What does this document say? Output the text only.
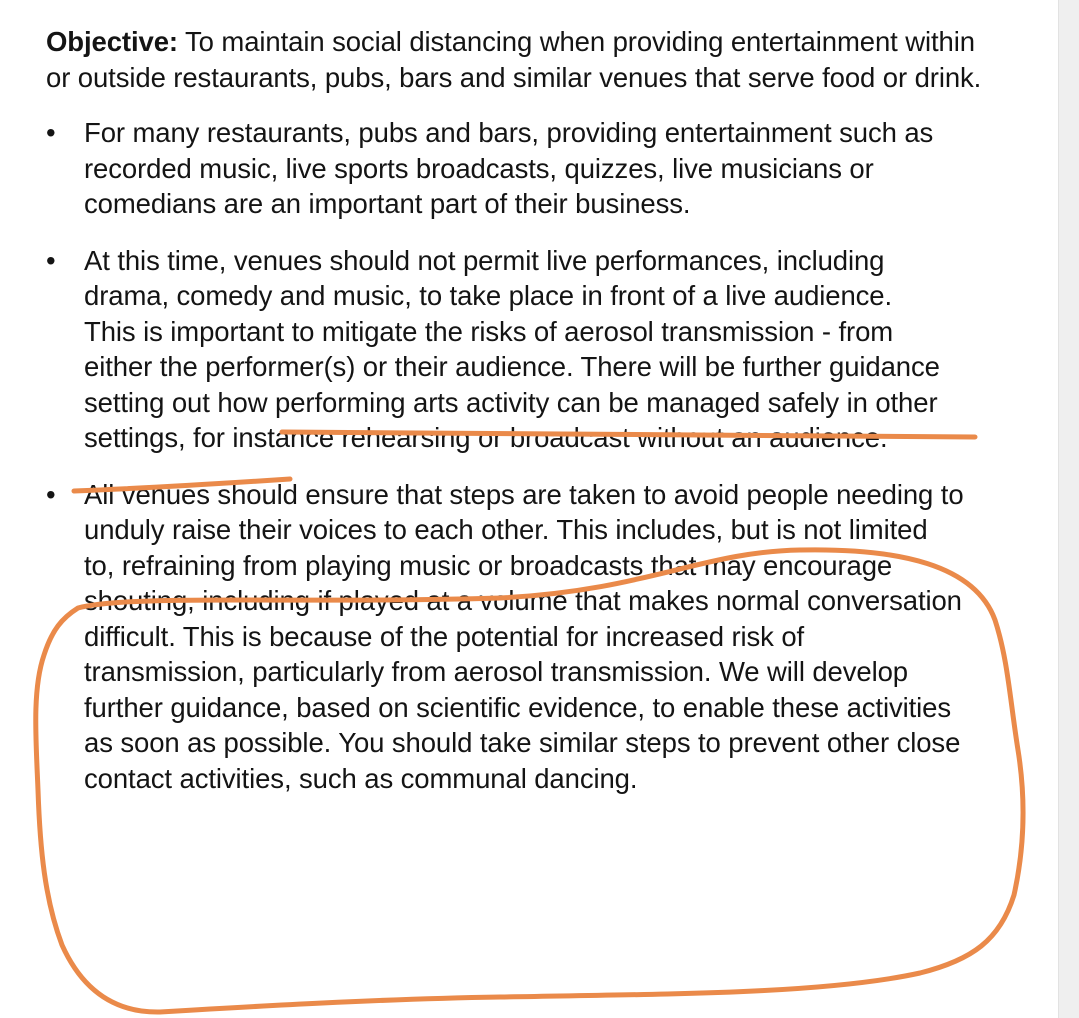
Objective: To maintain social distancing when providing entertainment within or outside restaurants, pubs, bars and similar venues that serve food or drink.

•	For many restaurants, pubs and bars, providing entertainment such as recorded music, live sports broadcasts, quizzes, live musicians or comedians are an important part of their business.
•	At this time, venues should not permit live performances, including drama, comedy and music, to take place in front of a live audience. This is important to mitigate the risks of aerosol transmission - from either the performer(s) or their audience. There will be further guidance setting out how performing arts activity can be managed safely in other settings, for instance rehearsing or broadcast without an audience.
•	All venues should ensure that steps are taken to avoid people needing to unduly raise their voices to each other. This includes, but is not limited to, refraining from playing music or broadcasts that may encourage shouting, including if played at a volume that makes normal conversation difficult. This is because of the potential for increased risk of transmission, particularly from aerosol transmission. We will develop further guidance, based on scientific evidence, to enable these activities as soon as possible. You should take similar steps to prevent other close contact activities, such as communal dancing.
